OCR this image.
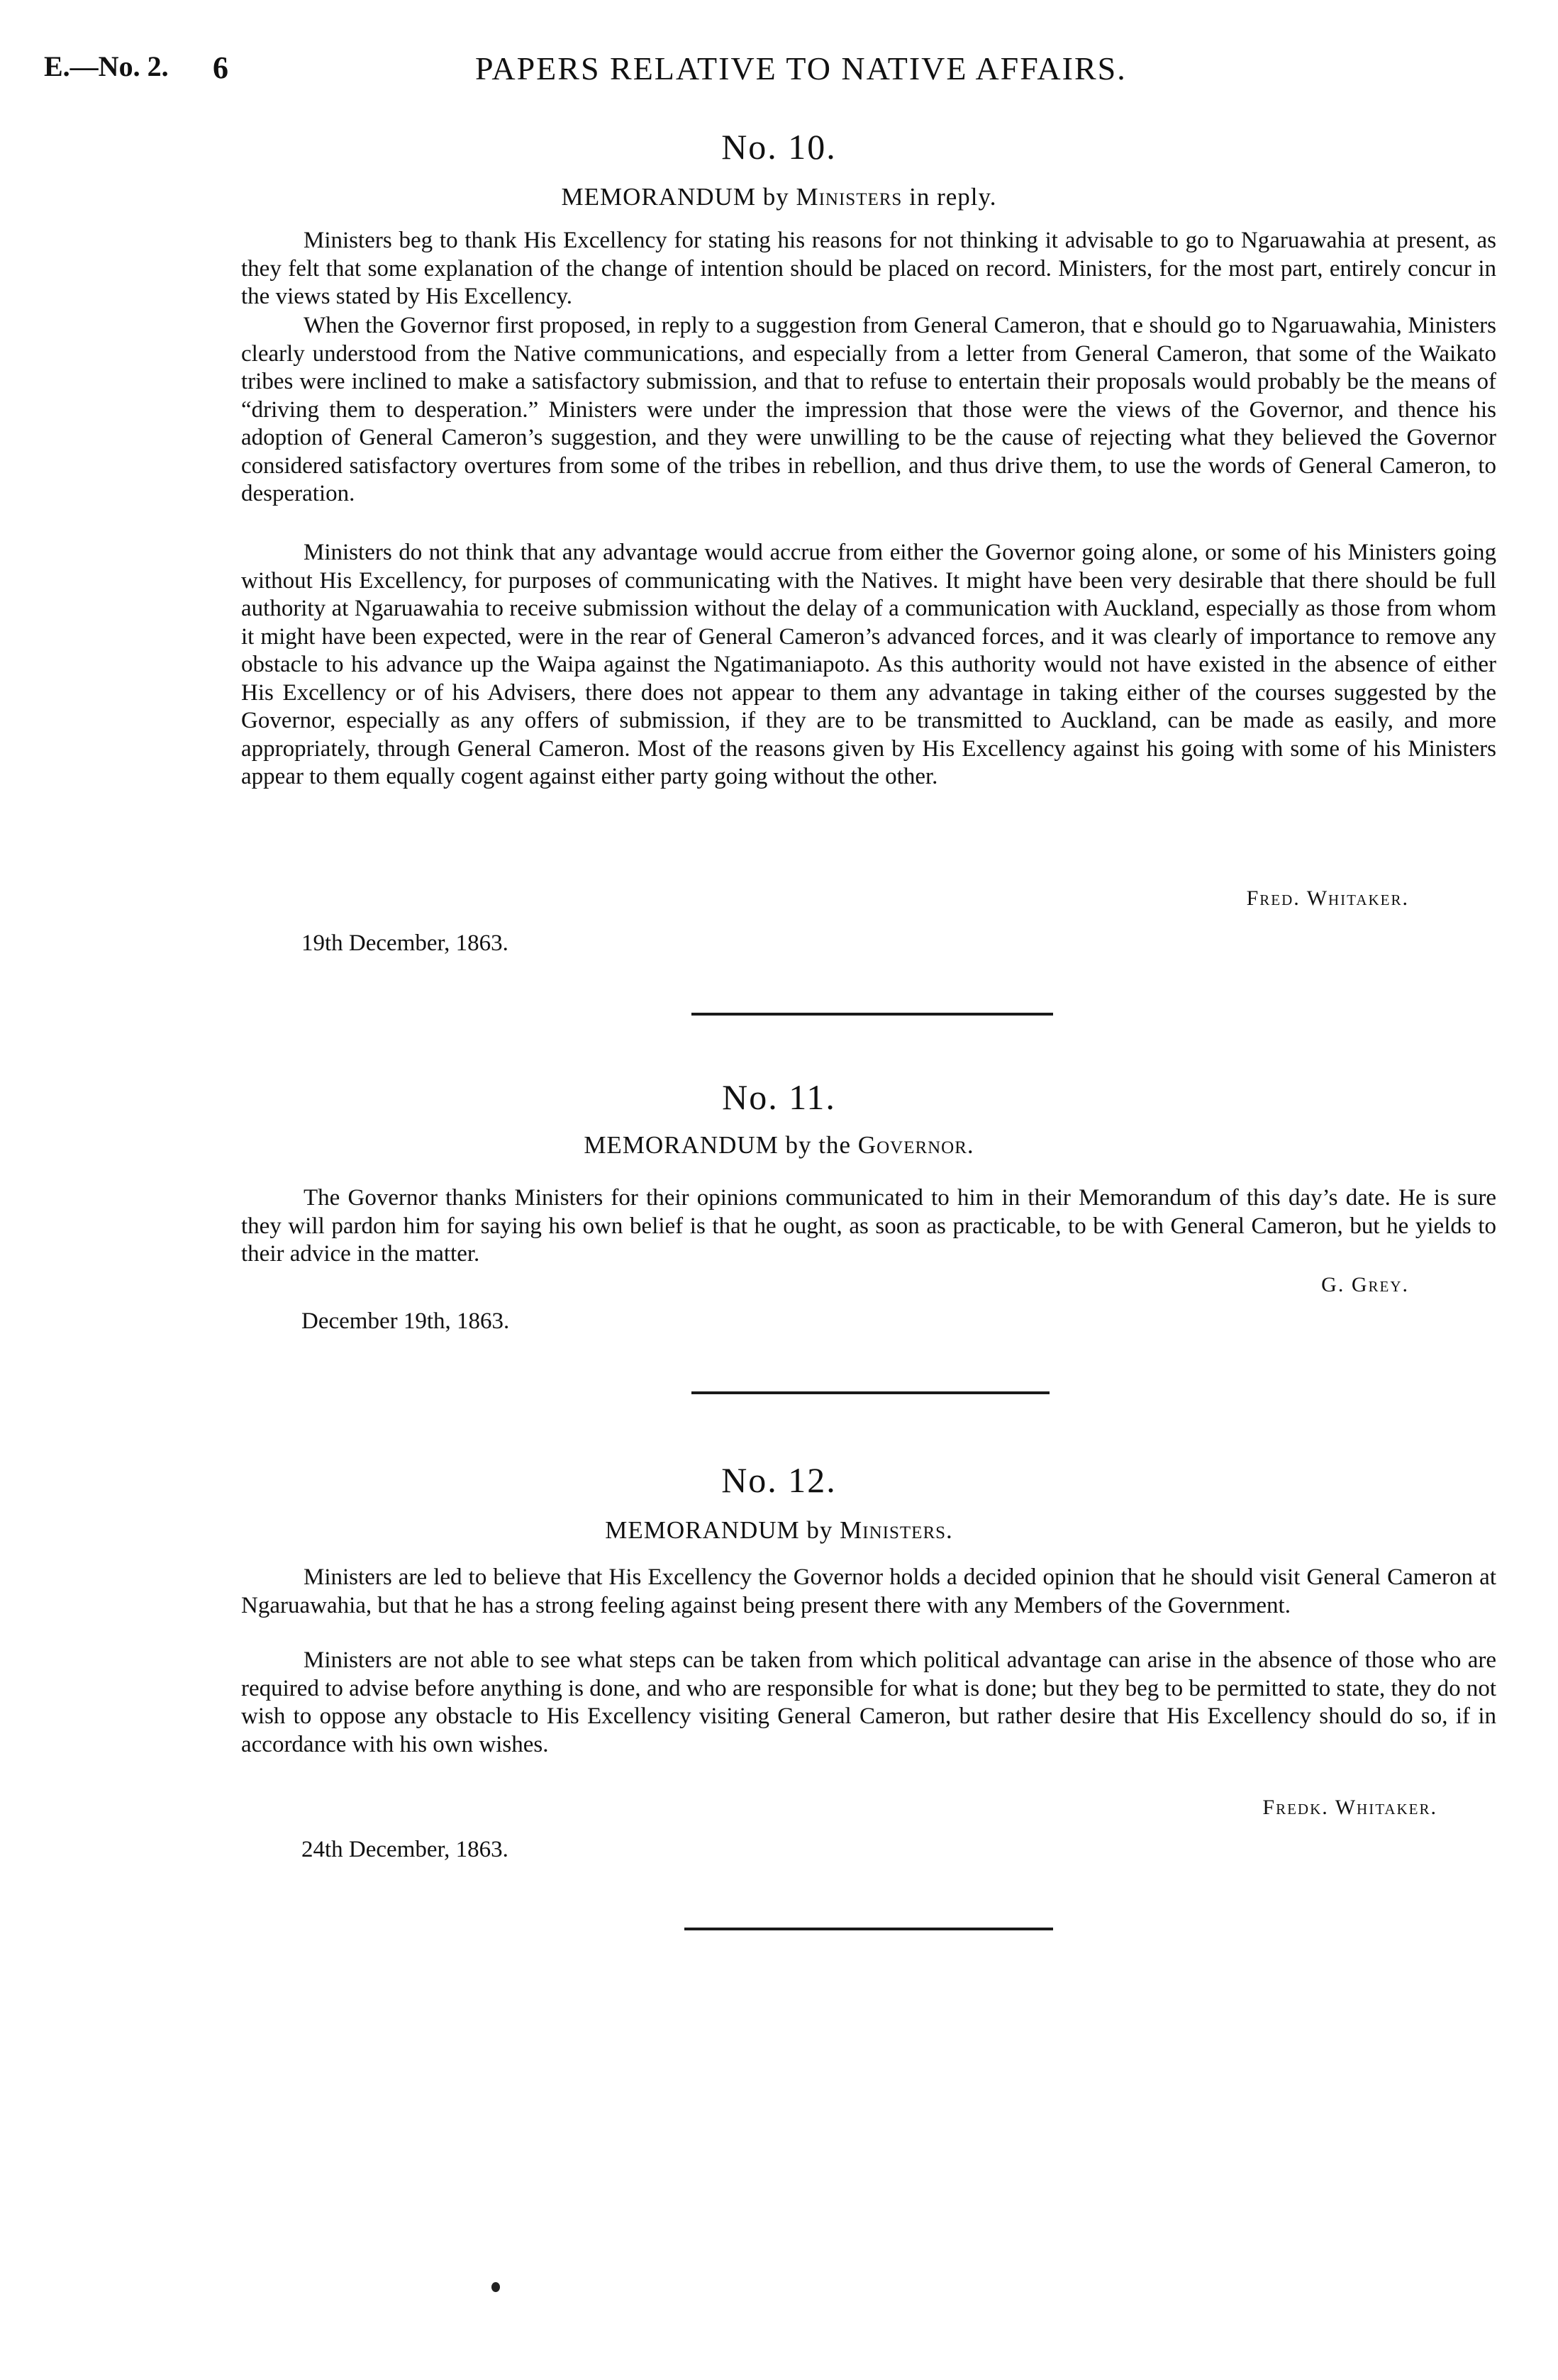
E.—No. 2. 6	PAPERS RELATIVE TO NATIVE AFFAIRS.
No. 10.
MEMORANDUM by Ministers in reply.

Ministers beg to thank His Excellency for stating his reasons for not thinking it advisable to go to Ngaruawahia at present, as they felt that some explanation of the change of intention should be placed on record. Ministers, for the most part, entirely concur in the views stated by His Excellency.

When the Governor first proposed, in reply to a suggestion from General Cameron, that e should go to Ngaruawahia, Ministers clearly understood from the Native communications, and especially from a letter from General Cameron, that some of the Waikato tribes were inclined to make a satisfactory submission, and that to refuse to entertain their proposals would probably be the means of “driving them to desperation.” Ministers were under the impression that those were the views of the Governor, and thence his adoption of General Cameron’s suggestion, and they were unwilling to be the cause of rejecting what they believed the Governor considered satisfactory overtures from some of the tribes in rebellion, and thus drive them, to use the words of General Cameron, to desperation.

Ministers do not think that any advantage would accrue from either the Governor going alone, or some of his Ministers going without His Excellency, for purposes of communicating with the Natives. It might have been very desirable that there should be full authority at Ngaruawahia to receive submission without the delay of a communication with Auckland, especially as those from whom it might have been expected, were in the rear of General Cameron’s advanced forces, and it was clearly of importance to remove any obstacle to his advance up the Waipa against the Ngatimaniapoto. As this authority would not have existed in the absence of either His Excellency or of his Advisers, there does not appear to them any advantage in taking either of the courses suggested by the Governor, especially as any offers of submission, if they are to be transmitted to Auckland, can be made as easily, and more appropriately, through General Cameron. Most of the reasons given by His Excellency against his going with some of his Ministers appear to them equally cogent against either party going without the other.

Fred. Whitaker.
19th December, 1863.
No. 11.
MEMORANDUM by the Governor.

The Governor thanks Ministers for their opinions communicated to him in their Memorandum of this day’s date. He is sure they will pardon him for saying his own belief is that he ought, as soon as practicable, to be with General Cameron, but he yields to their advice in the matter.

G. Grey.
December 19th, 1863.
No. 12.
MEMORANDUM by Ministers.

Ministers are led to believe that His Excellency the Governor holds a decided opinion that he should visit General Cameron at Ngaruawahia, but that he has a strong feeling against being present there with any Members of the Government.

Ministers are not able to see what steps can be taken from which political advantage can arise in the absence of those who are required to advise before anything is done, and who are responsible for what is done; but they beg to be permitted to state, they do not wish to oppose any obstacle to His Excellency visiting General Cameron, but rather desire that His Excellency should do so, if in accordance with his own wishes.

Fredk. Whitaker.
24th December, 1863.
